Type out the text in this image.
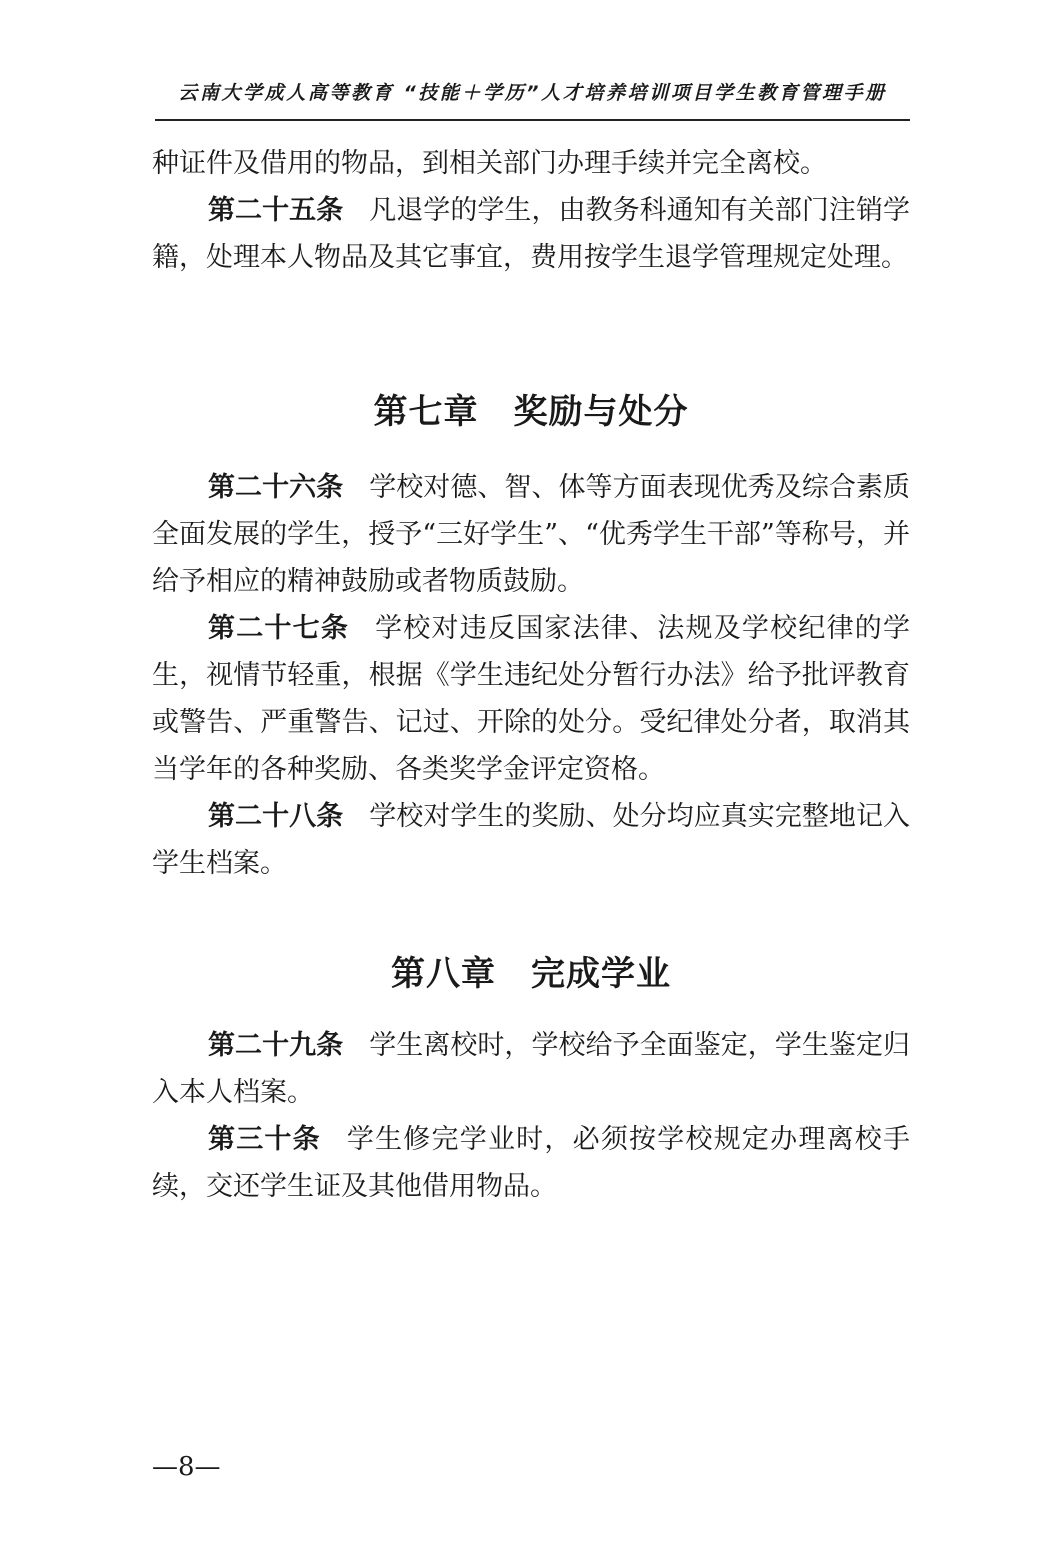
云南大学成人高等教育 “技能＋学历”人才培养培训项目学生教育管理手册

种证件及借用的物品，到相关部门办理手续并完全离校。

第二十五条 凡退学的学生，由教务科通知有关部门注销学籍，处理本人物品及其它事宜，费用按学生退学管理规定处理。

第七章　奖励与处分

第二十六条 学校对德、智、体等方面表现优秀及综合素质全面发展的学生，授予“三好学生”、“优秀学生干部”等称号，并给予相应的精神鼓励或者物质鼓励。

第二十七条 学校对违反国家法律、法规及学校纪律的学生，视情节轻重，根据《学生违纪处分暂行办法》给予批评教育或警告、严重警告、记过、开除的处分。受纪律处分者，取消其当学年的各种奖励、各类奖学金评定资格。

第二十八条 学校对学生的奖励、处分均应真实完整地记入学生档案。

第八章　完成学业

第二十九条 学生离校时，学校给予全面鉴定，学生鉴定归入本人档案。

第三十条 学生修完学业时，必须按学校规定办理离校手续，交还学生证及其他借用物品。

—8—
